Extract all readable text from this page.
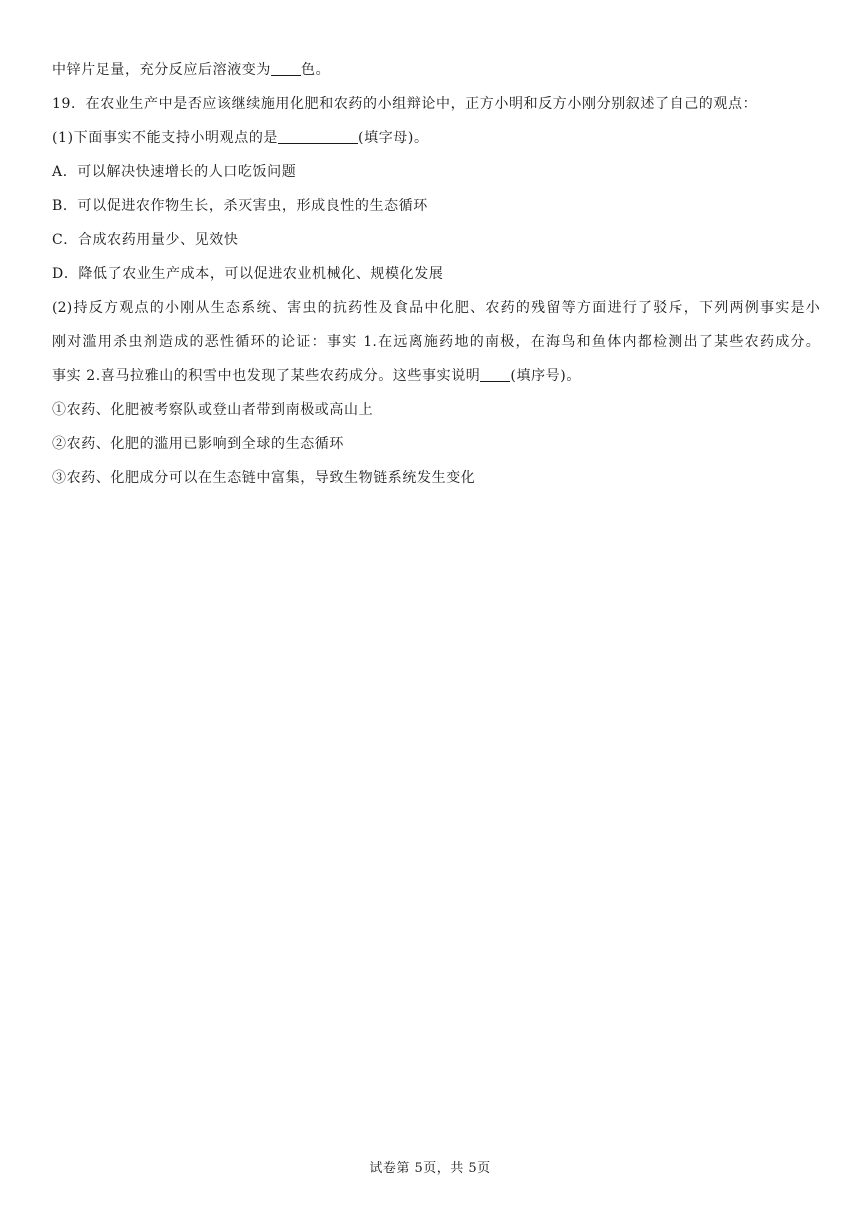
中锌片足量，充分反应后溶液变为 色。
19．在农业生产中是否应该继续施用化肥和农药的小组辩论中，正方小明和反方小刚分别叙述了自己的观点：
(1)下面事实不能支持小明观点的是	(填字母)。
A．可以解决快速增长的人口吃饭问题
B．可以促进农作物生长，杀灭害虫，形成良性的生态循环
C．合成农药用量少、见效快
D．降低了农业生产成本，可以促进农业机械化、规模化发展
(2)持反方观点的小刚从生态系统、害虫的抗药性及食品中化肥、农药的残留等方面进行了驳斥，下列两例事实是小
刚对滥用杀虫剂造成的恶性循环的论证：事实 1.在远离施药地的南极，在海鸟和鱼体内都检测出了某些农药成分。
事实 2.喜马拉雅山的积雪中也发现了某些农药成分。这些事实说明 (填序号)。
①农药、化肥被考察队或登山者带到南极或高山上
②农药、化肥的滥用已影响到全球的生态循环
③农药、化肥成分可以在生态链中富集，导致生物链系统发生变化
试卷第 5页，共 5页
